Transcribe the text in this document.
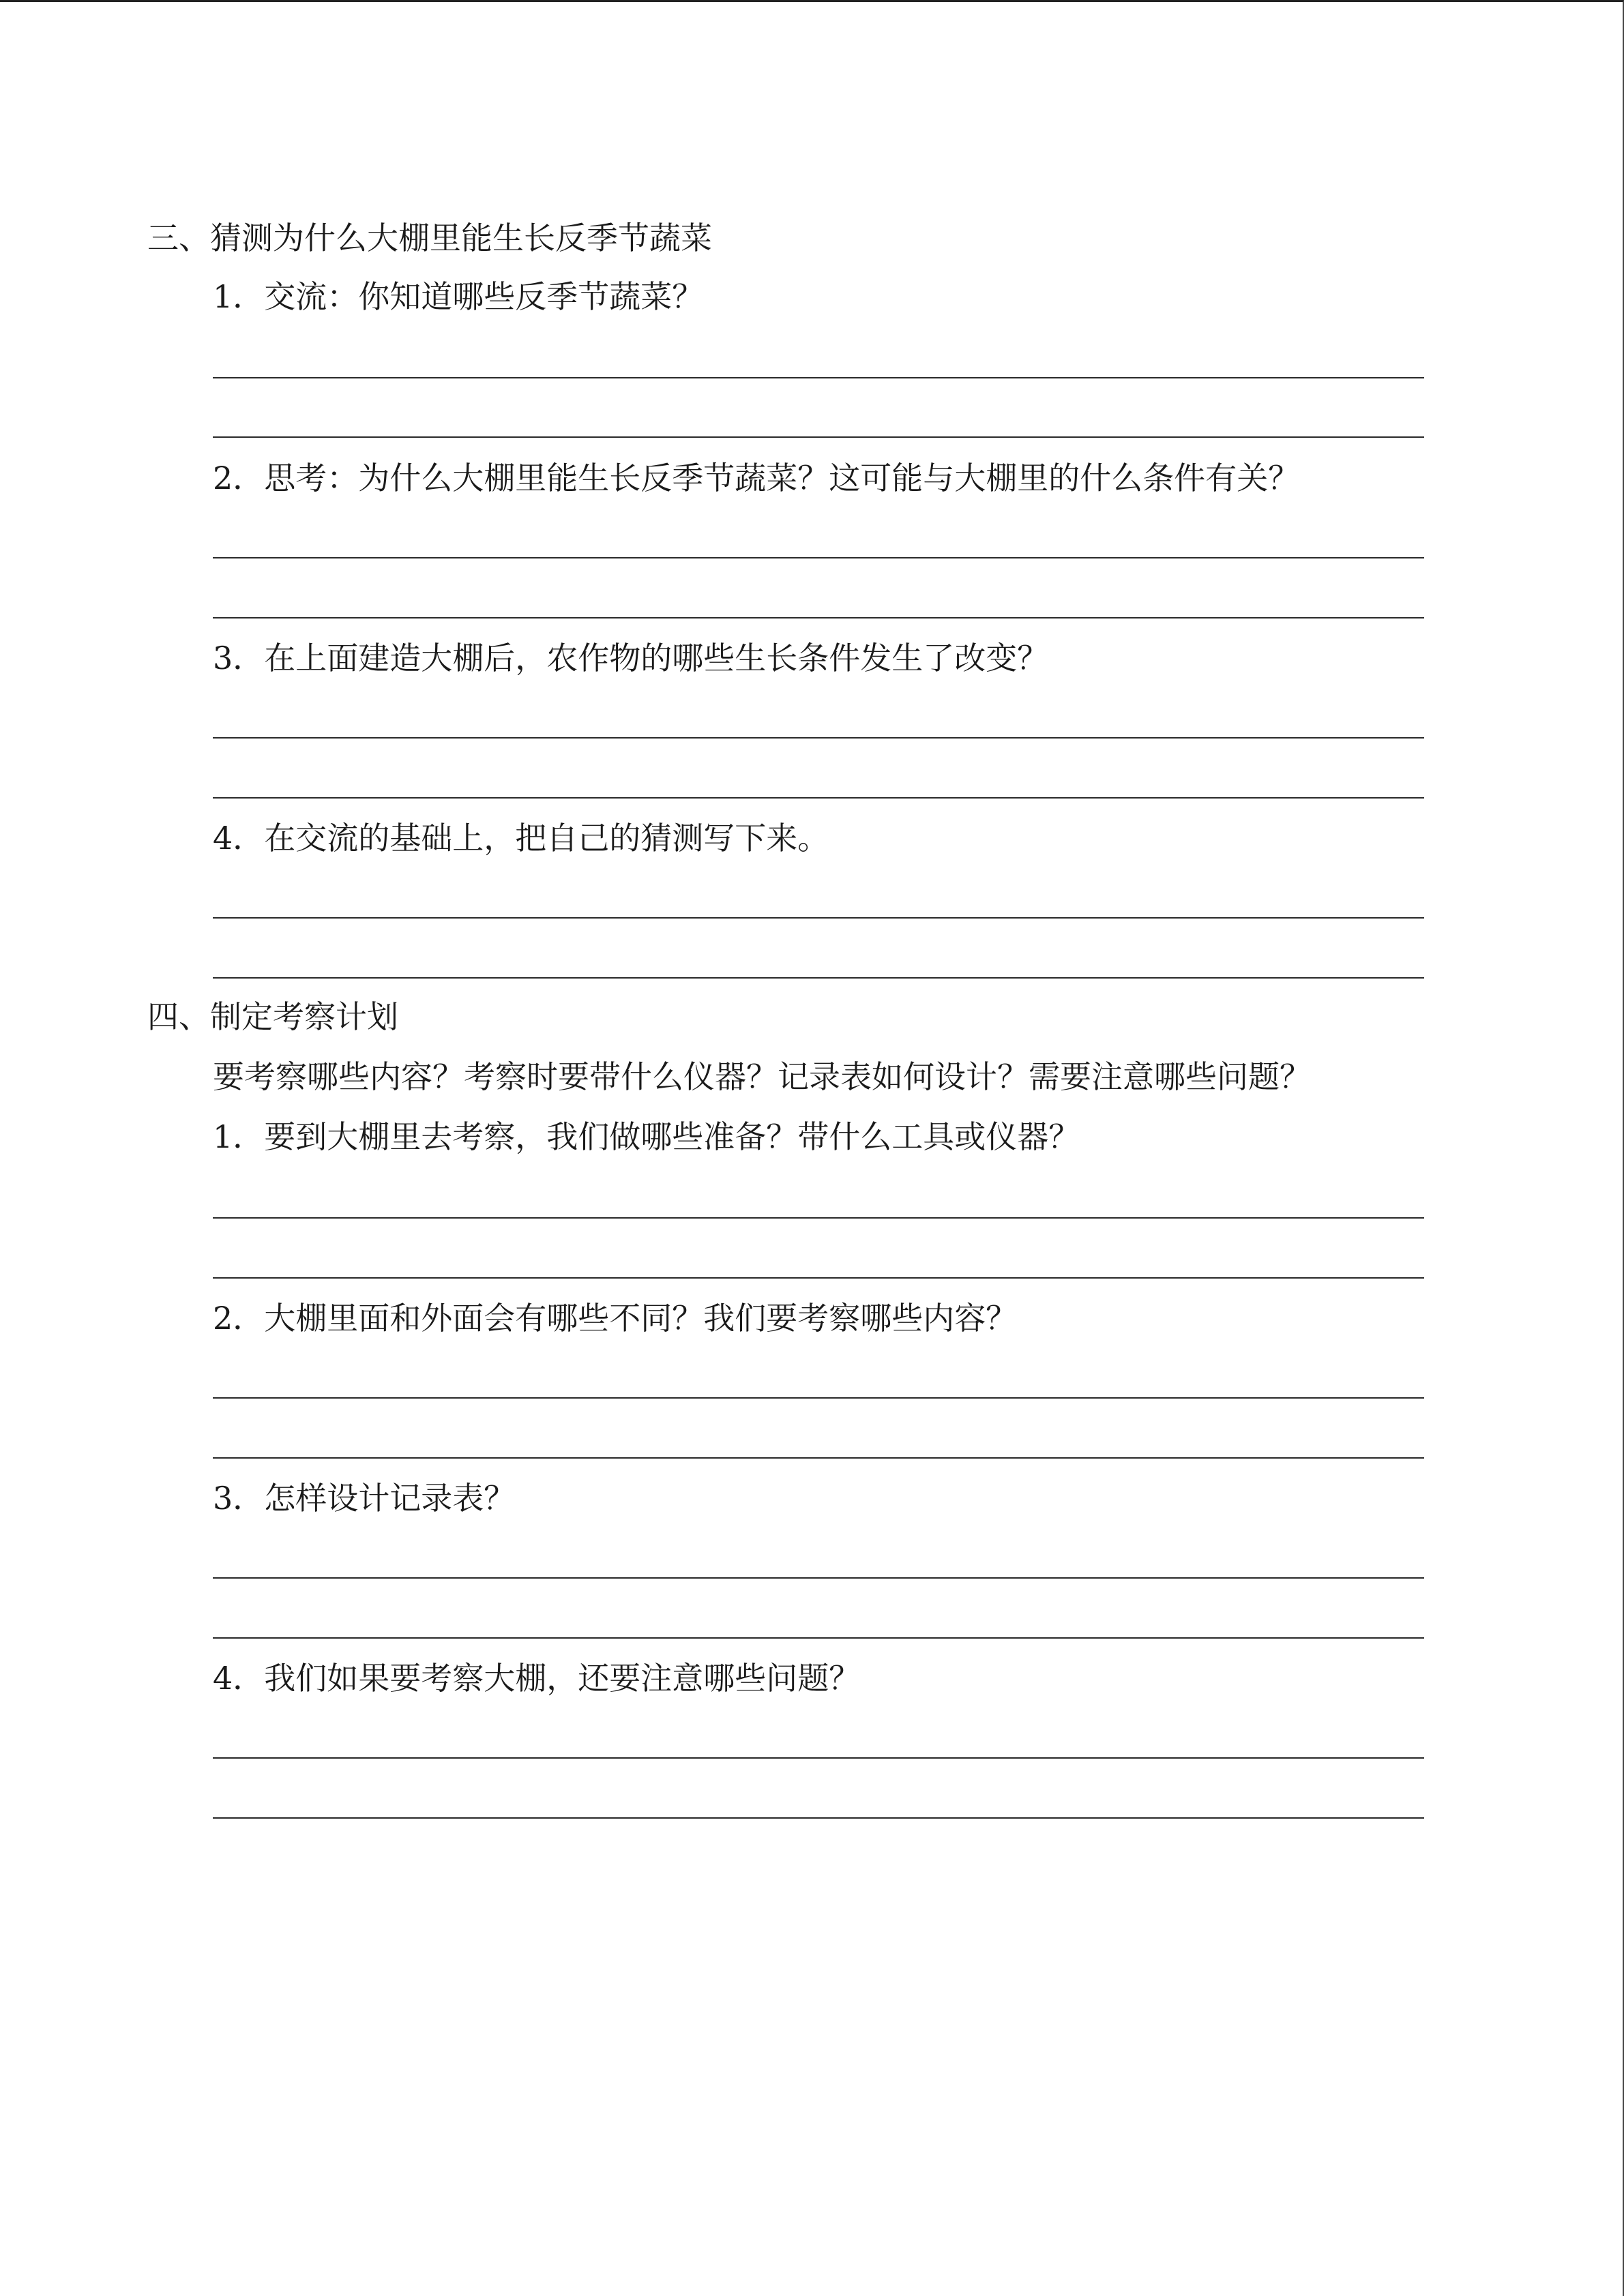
三、猜测为什么大棚里能生长反季节蔬菜

1．交流：你知道哪些反季节蔬菜？

2．思考：为什么大棚里能生长反季节蔬菜？这可能与大棚里的什么条件有关？

3．在上面建造大棚后，农作物的哪些生长条件发生了改变？

4．在交流的基础上，把自己的猜测写下来。

四、制定考察计划

要考察哪些内容？考察时要带什么仪器？记录表如何设计？需要注意哪些问题？

1．要到大棚里去考察，我们做哪些准备？带什么工具或仪器？

2．大棚里面和外面会有哪些不同？我们要考察哪些内容？

3．怎样设计记录表？

4．我们如果要考察大棚，还要注意哪些问题？
